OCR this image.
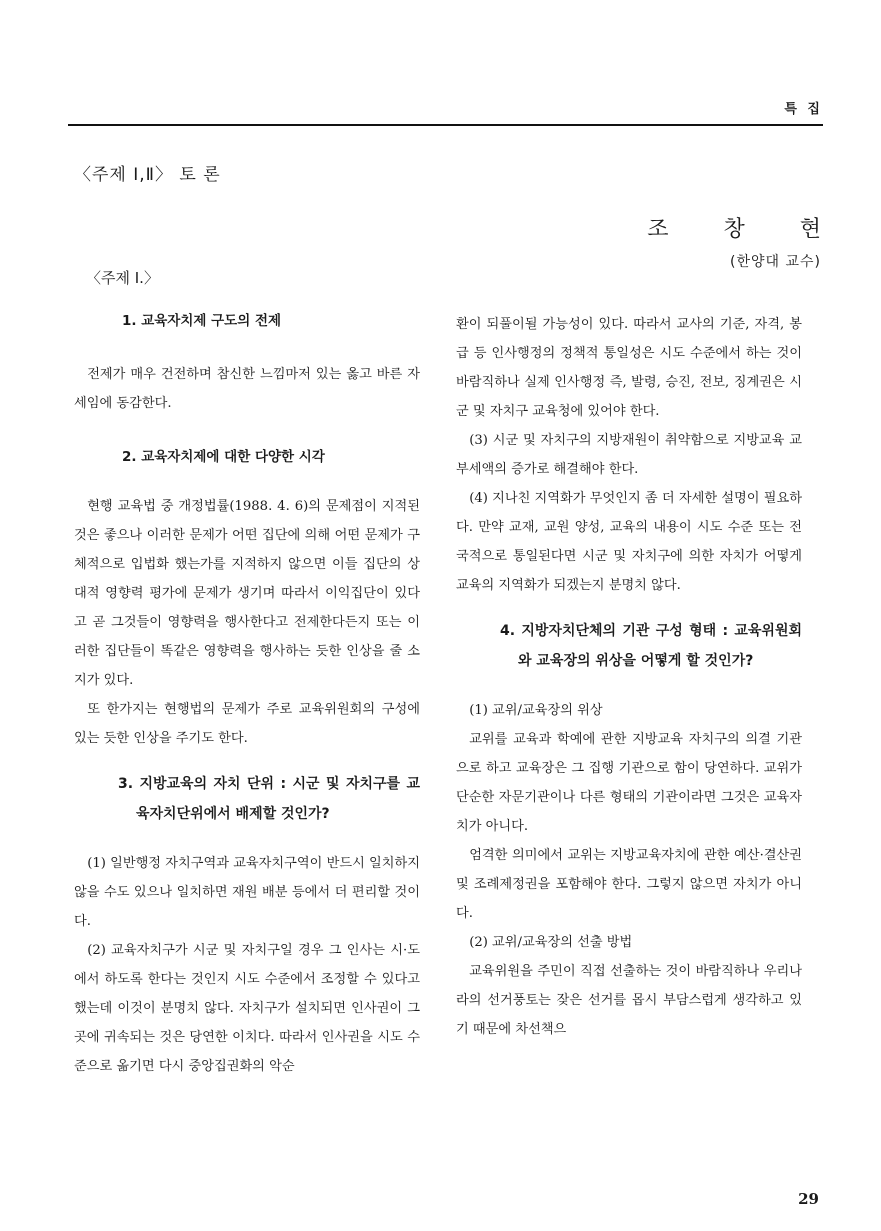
특 집
〈주제 Ⅰ,Ⅱ〉 토 론
조 창 현
(한양대 교수)
〈주제 Ⅰ.〉
1. 교육자치제 구도의 전제

전제가 매우 건전하며 참신한 느낌마저 있는 옳고 바른 자세임에 동감한다.

2. 교육자치제에 대한 다양한 시각

현행 교육법 중 개정법률(1988. 4. 6)의 문제점이 지적된 것은 좋으나 이러한 문제가 어떤 집단에 의해 어떤 문제가 구체적으로 입법화 했는가를 지적하지 않으면 이들 집단의 상대적 영향력 평가에 문제가 생기며 따라서 이익집단이 있다고 곧 그것들이 영향력을 행사한다고 전제한다든지 또는 이러한 집단들이 똑같은 영향력을 행사하는 듯한 인상을 줄 소지가 있다.

또 한가지는 현행법의 문제가 주로 교육위원회의 구성에 있는 듯한 인상을 주기도 한다.

3. 지방교육의 자치 단위 : 시군 및 자치구를 교육자치단위에서 배제할 것인가?

(1) 일반행정 자치구역과 교육자치구역이 반드시 일치하지 않을 수도 있으나 일치하면 재원 배분 등에서 더 편리할 것이다.

(2) 교육자치구가 시군 및 자치구일 경우 그 인사는 시·도에서 하도록 한다는 것인지 시도 수준에서 조정할 수 있다고 했는데 이것이 분명치 않다. 자치구가 설치되면 인사권이 그 곳에 귀속되는 것은 당연한 이치다. 따라서 인사권을 시도 수준으로 옮기면 다시 중앙집권화의 악순

환이 되풀이될 가능성이 있다. 따라서 교사의 기준, 자격, 봉급 등 인사행정의 정책적 통일성은 시도 수준에서 하는 것이 바람직하나 실제 인사행정 즉, 발령, 승진, 전보, 징계권은 시군 및 자치구 교육청에 있어야 한다.

(3) 시군 및 자치구의 지방재원이 취약함으로 지방교육 교부세액의 증가로 해결해야 한다.

(4) 지나친 지역화가 무엇인지 좀 더 자세한 설명이 필요하다. 만약 교재, 교원 양성, 교육의 내용이 시도 수준 또는 전국적으로 통일된다면 시군 및 자치구에 의한 자치가 어떻게 교육의 지역화가 되겠는지 분명치 않다.

4. 지방자치단체의 기관 구성 형태 : 교육위원회와 교육장의 위상을 어떻게 할 것인가?

(1) 교위/교육장의 위상

교위를 교육과 학예에 관한 지방교육 자치구의 의결 기관으로 하고 교육장은 그 집행 기관으로 함이 당연하다. 교위가 단순한 자문기관이나 다른 형태의 기관이라면 그것은 교육자치가 아니다.

엄격한 의미에서 교위는 지방교육자치에 관한 예산·결산권 및 조례제정권을 포함해야 한다. 그렇지 않으면 자치가 아니다.

(2) 교위/교육장의 선출 방법

교육위원을 주민이 직접 선출하는 것이 바람직하나 우리나라의 선거풍토는 잦은 선거를 몹시 부담스럽게 생각하고 있기 때문에 차선책으

29
